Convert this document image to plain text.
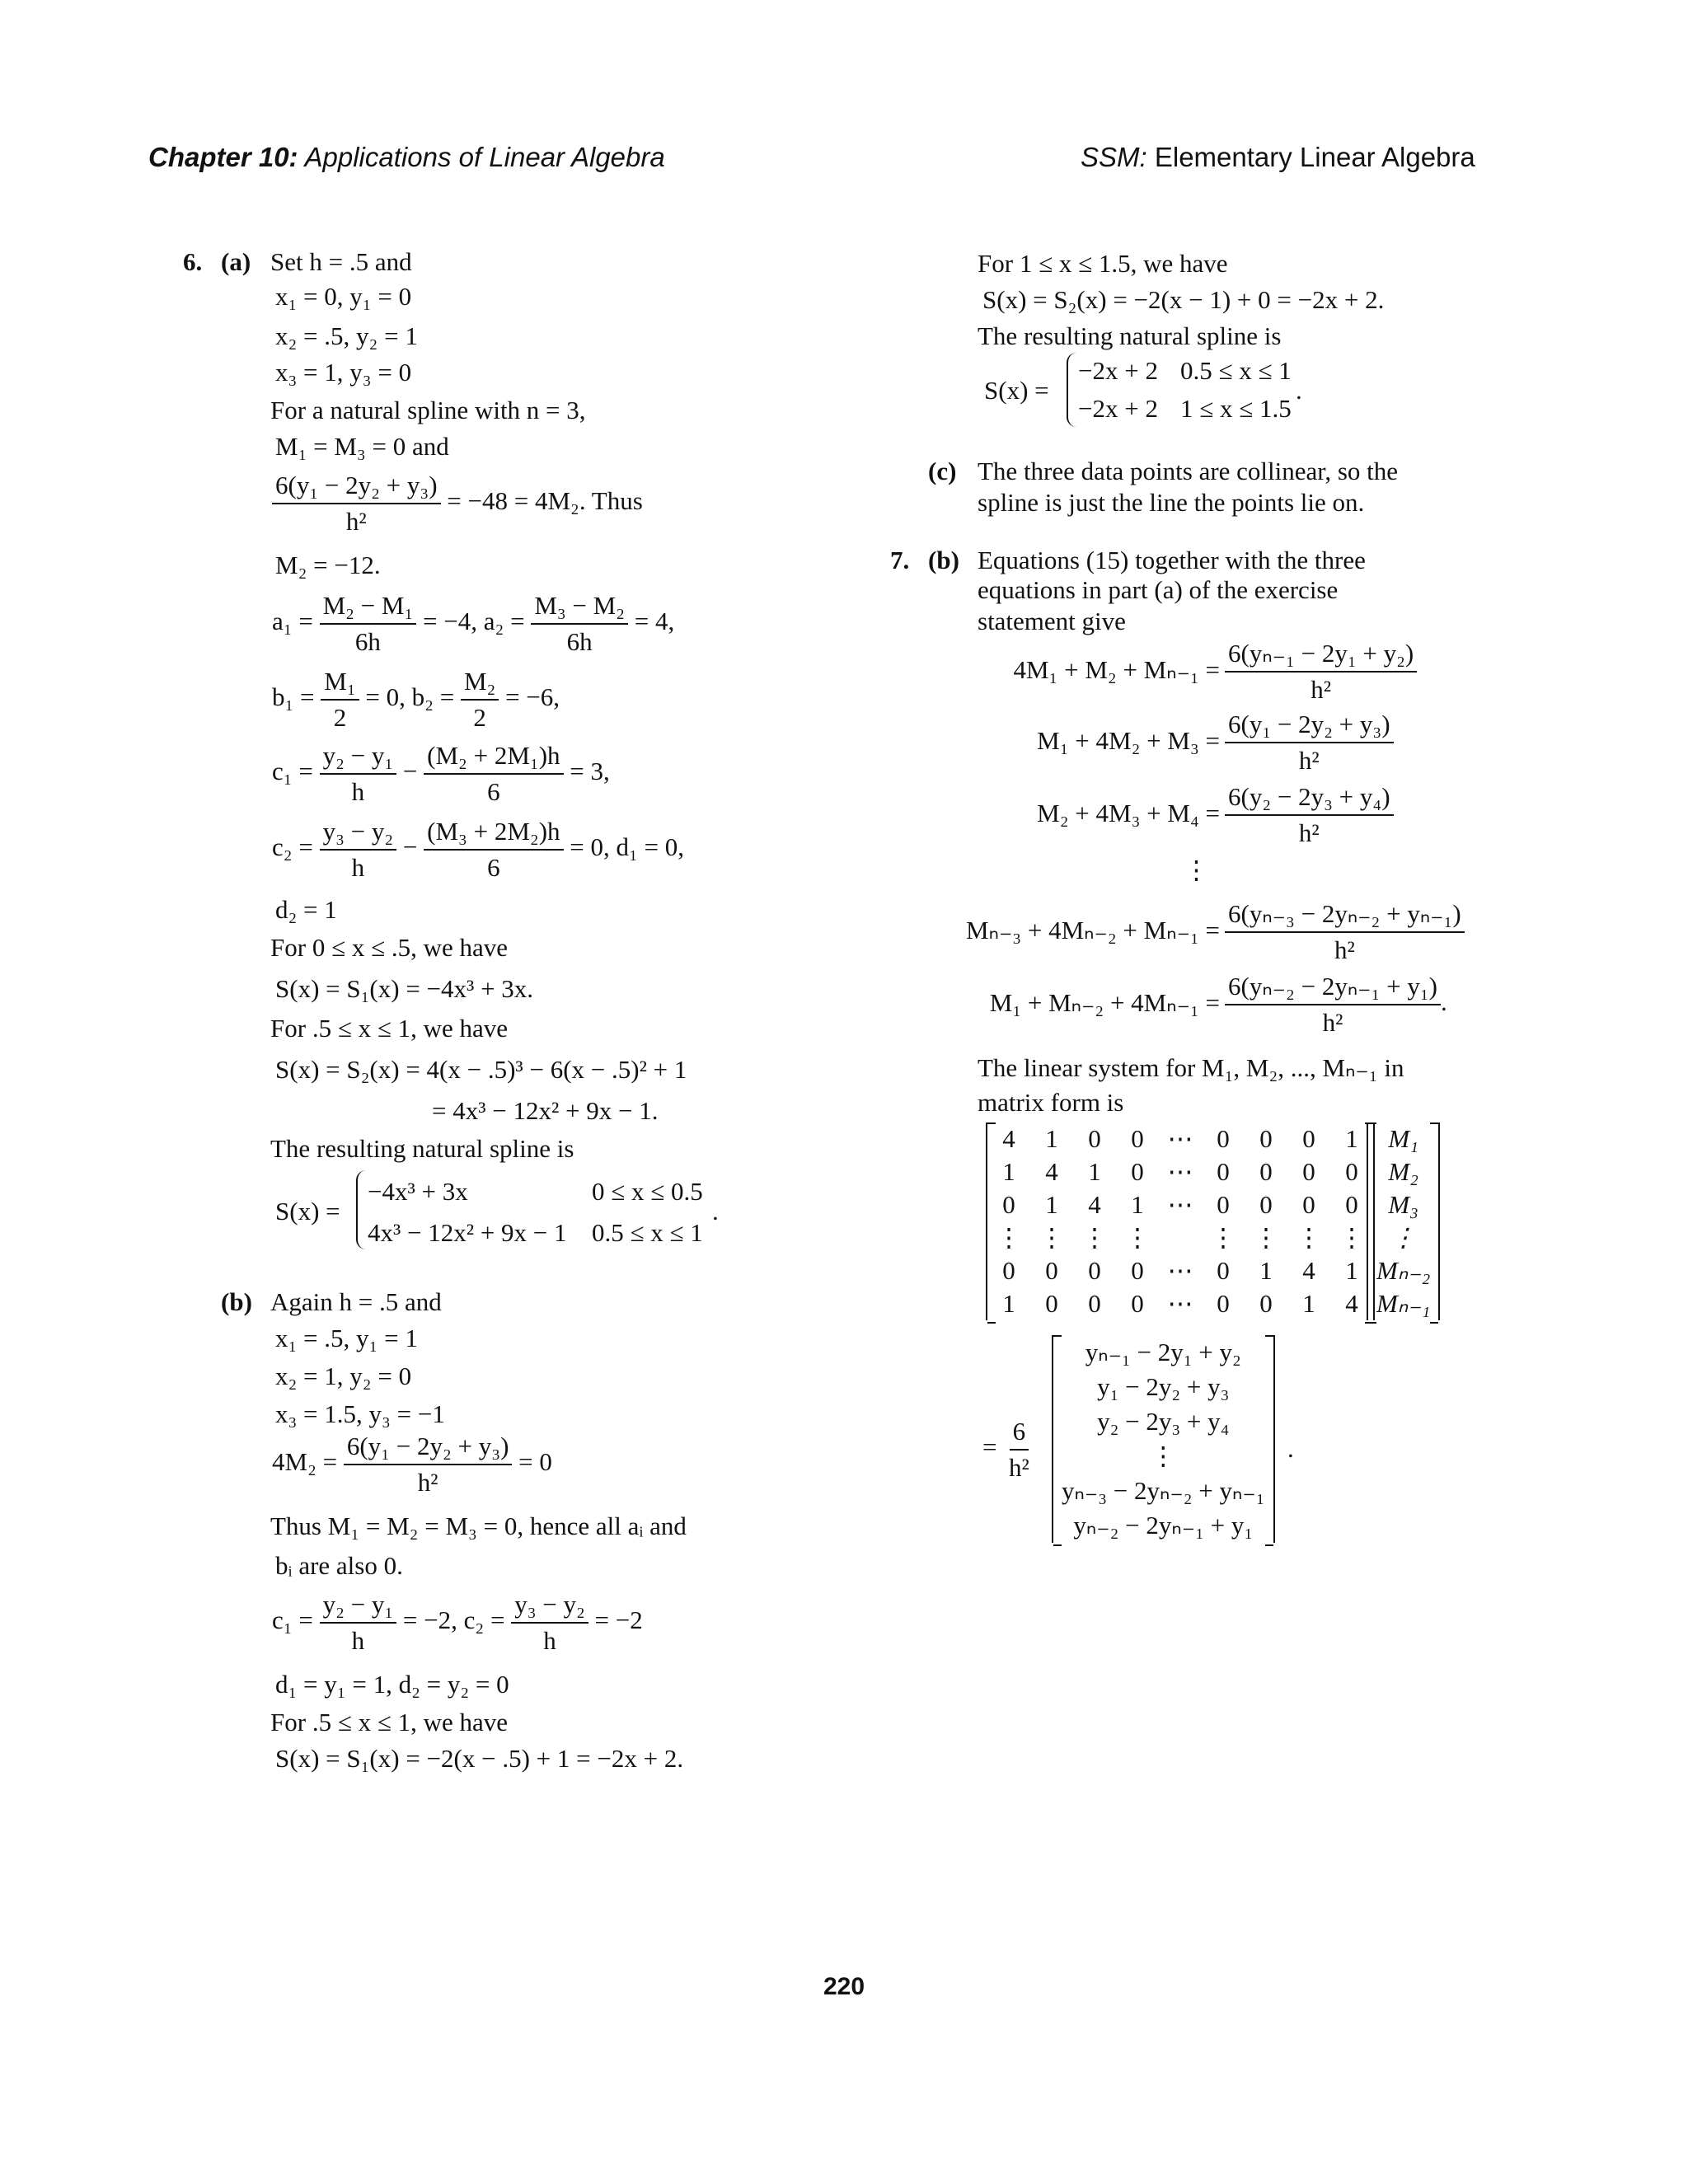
Chapter 10: Applications of Linear Algebra	SSM: Elementary Linear Algebra
6. (a) Set h = .5 and
x₁ = 0, y₁ = 0
x₂ = .5, y₂ = 1
x₃ = 1, y₃ = 0
For a natural spline with n = 3,
M₁ = M₃ = 0 and
$\frac{\text{6(y₁ − 2y₂ + y₃)}}{\text{h²}} = -48 = 4M_2$. Thus
M₂ = −12.
$a_1 = \frac{\text{M₂ − M₁}}{6h} = -4$, $a_2 = \frac{\text{M₃ − M₂}}{6h} = 4$,
$b_1 = \frac{\text{M₁}}{2} = 0$, $b_2 = \frac{\text{M₂}}{2} = -6$,
$c_1 = \frac{\text{y₂ − y₁}}{h} - \frac{\text{(M₂ + 2M₁)h}}{6} = 3$,
$c_2 = \frac{\text{y₃ − y₂}}{h} - \frac{\text{(M₃ + 2M₂)h}}{6} = 0$, d₁ = 0,
d₂ = 1
For 0 ≤ x ≤ .5, we have
S(x) = S₁(x) = −4x³ + 3x.
For .5 ≤ x ≤ 1, we have
S(x) = S₂(x) = 4(x − .5)³ − 6(x − .5)² + 1
= 4x³ − 12x² + 9x − 1.
The resulting natural spline is
S(x) =
−4x³ + 3x	0 ≤ x ≤ 0.5
4x³ − 12x² + 9x − 1 0.5 ≤ x ≤ 1
.
(b) Again h = .5 and
x₁ = .5, y₁ = 1
x₂ = 1, y₂ = 0
x₃ = 1.5, y₃ = −1
$4M_2 = \frac{\text{6(y₁ − 2y₂ + y₃)}}{\text{h²}} = 0$
Thus M₁ = M₂ = M₃ = 0, hence all aᵢ and
bᵢ are also 0.
$c_1 = \frac{\text{y₂ − y₁}}{h} = -2$, $c_2 = \frac{\text{y₃ − y₂}}{h} = -2$
d₁ = y₁ = 1, d₂ = y₂ = 0
For .5 ≤ x ≤ 1, we have
S(x) = S₁(x) = −2(x − .5) + 1 = −2x + 2.
For 1 ≤ x ≤ 1.5, we have
S(x) = S₂(x) = −2(x − 1) + 0 = −2x + 2.
The resulting natural spline is
S(x) =
−2x + 2 0.5 ≤ x ≤ 1
−2x + 2 1 ≤ x ≤ 1.5
.
(c) The three data points are collinear, so the
spline is just the line the points lie on.
7. (b) Equations (15) together with the three
equations in part (a) of the exercise
statement give
$4M_1 + M_2 + M_{n-1} = \frac{\text{6(yₙ₋₁ − 2y₁ + y₂)}}{\text{h²}}$
$M_1 + 4M_2 + M_3 = \frac{\text{6(y₁ − 2y₂ + y₃)}}{\text{h²}}$
$M_2 + 4M_3 + M_4 = \frac{\text{6(y₂ − 2y₃ + y₄)}}{\text{h²}}$
⋮
$M_{n-3} + 4M_{n-2} + M_{n-1} = \frac{\text{6(yₙ₋₃ − 2yₙ₋₂ + yₙ₋₁)}}{\text{h²}}$
$M_1 + M_{n-2} + 4M_{n-1} = \frac{\text{6(yₙ₋₂ − 2yₙ₋₁ + y₁)}}{\text{h²}}$ .
The linear system for M₁, M₂, ..., Mₙ₋₁ in
matrix form is
4	1	0	0	⋯	0	0	0	1
1	4	1	0	⋯	0	0	0	0
0	1	4	1	⋯	0	0	0	0
⋮	⋮	⋮	⋮		⋮	⋮	⋮	⋮
0	0	0	0	⋯	0	1	4	1
1	0	0	0	⋯	0	0	1	4
M₁
M₂
M₃
⋮
Mₙ₋₂
Mₙ₋₁
= $\frac{6}{\text{h²}}$
yₙ₋₁ − 2y₁ + y₂
y₁ − 2y₂ + y₃
y₂ − 2y₃ + y₄
⋮
yₙ₋₃ − 2yₙ₋₂ + yₙ₋₁
yₙ₋₂ − 2yₙ₋₁ + y₁
.
220
